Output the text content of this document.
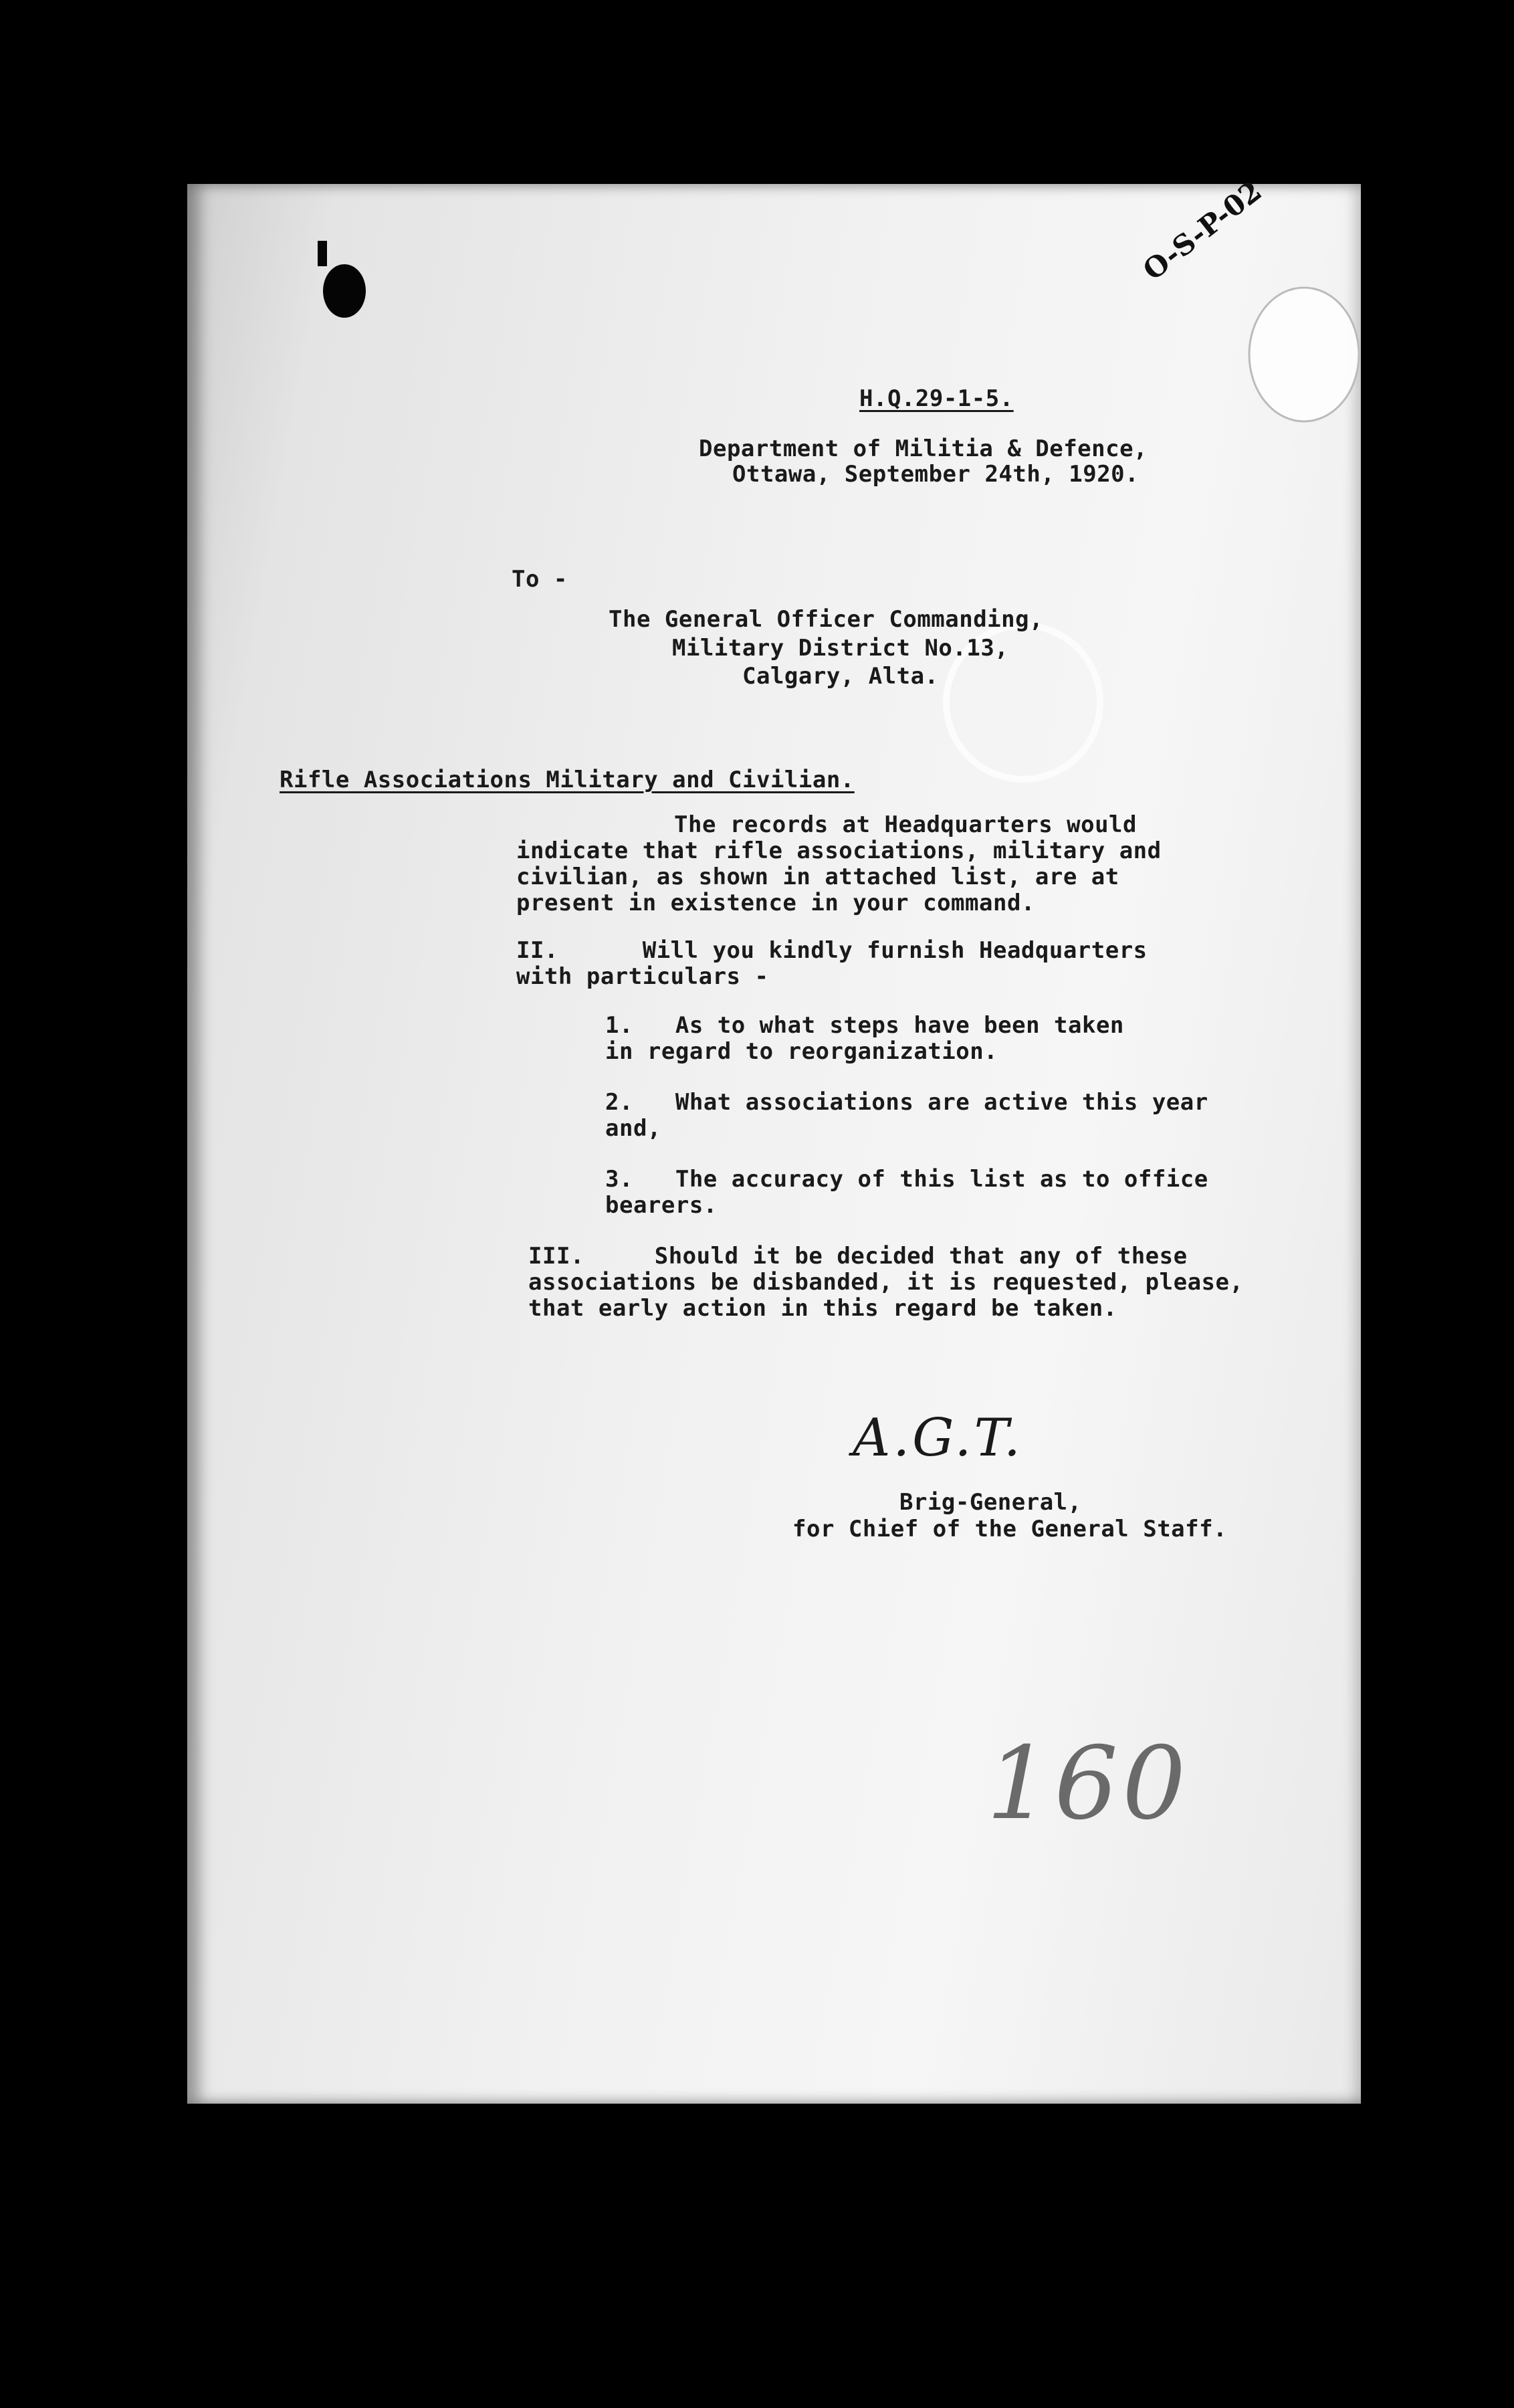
O-S-P-02
H.Q.29-1-5.
Department of Militia & Defence,
Ottawa, September 24th, 1920.
To -
The General Officer Commanding,
Military District No.13,
Calgary, Alta.
Rifle Associations Military and Civilian.
The records at Headquarters would
indicate that rifle associations, military and
civilian, as shown in attached list, are at
present in existence in your command.
II.      Will you kindly furnish Headquarters
with particulars -
1.   As to what steps have been taken
in regard to reorganization.
2.   What associations are active this year
and,
3.   The accuracy of this list as to office
bearers.
III.     Should it be decided that any of these
associations be disbanded, it is requested, please,
that early action in this regard be taken.
A.G.T.
Brig-General,
for Chief of the General Staff.
160
